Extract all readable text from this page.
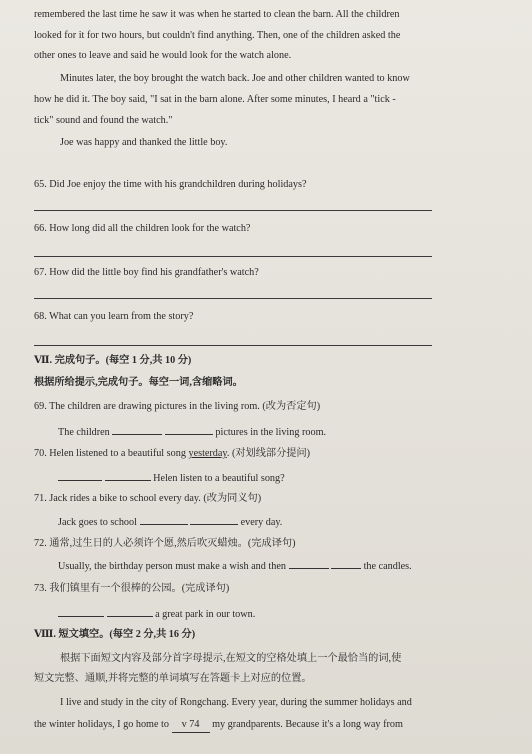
remembered the last time he saw it was when he started to clean the barn. All the children
looked for it for two hours, but couldn't find anything. Then, one of the children asked the
other ones to leave and said he would look for the watch alone.
Minutes later, the boy brought the watch back. Joe and other children wanted to know
how he did it. The boy said, "I sat in the barn alone. After some minutes, I heard a "tick -
tick" sound and found the watch."
Joe was happy and thanked the little boy.
65. Did Joe enjoy the time with his grandchildren during holidays?
66. How long did all the children look for the watch?
67. How did the little boy find his grandfather's watch?
68. What can you learn from the story?
Ⅶ. 完成句子。(每空 1 分,共 10 分)
根据所给提示,完成句子。每空一词,含缩略词。
69. The children are drawing pictures in the living rom. (改为否定句)
The children	pictures in the living room.
70. Helen listened to a beautiful song yesterday. (对划线部分提问)
Helen listen to a beautiful song?
71. Jack rides a bike to school every day. (改为同义句)
Jack goes to school	every day.
72. 通常,过生日的人必须许个愿,然后吹灭蜡烛。(完成译句)
Usually, the birthday person must make a wish and then	the candles.
73. 我们镇里有一个很棒的公园。(完成译句)
a great park in our town.
Ⅷ. 短文填空。(每空 2 分,共 16 分)
根据下面短文内容及部分首字母提示,在短文的空格处填上一个最恰当的词,使
短文完整、通顺,并将完整的单词填写在答题卡上对应的位置。
I live and study in the city of Rongchang. Every year, during the summer holidays and
the winter holidays, I go home to v 74 my grandparents. Because it's a long way from
